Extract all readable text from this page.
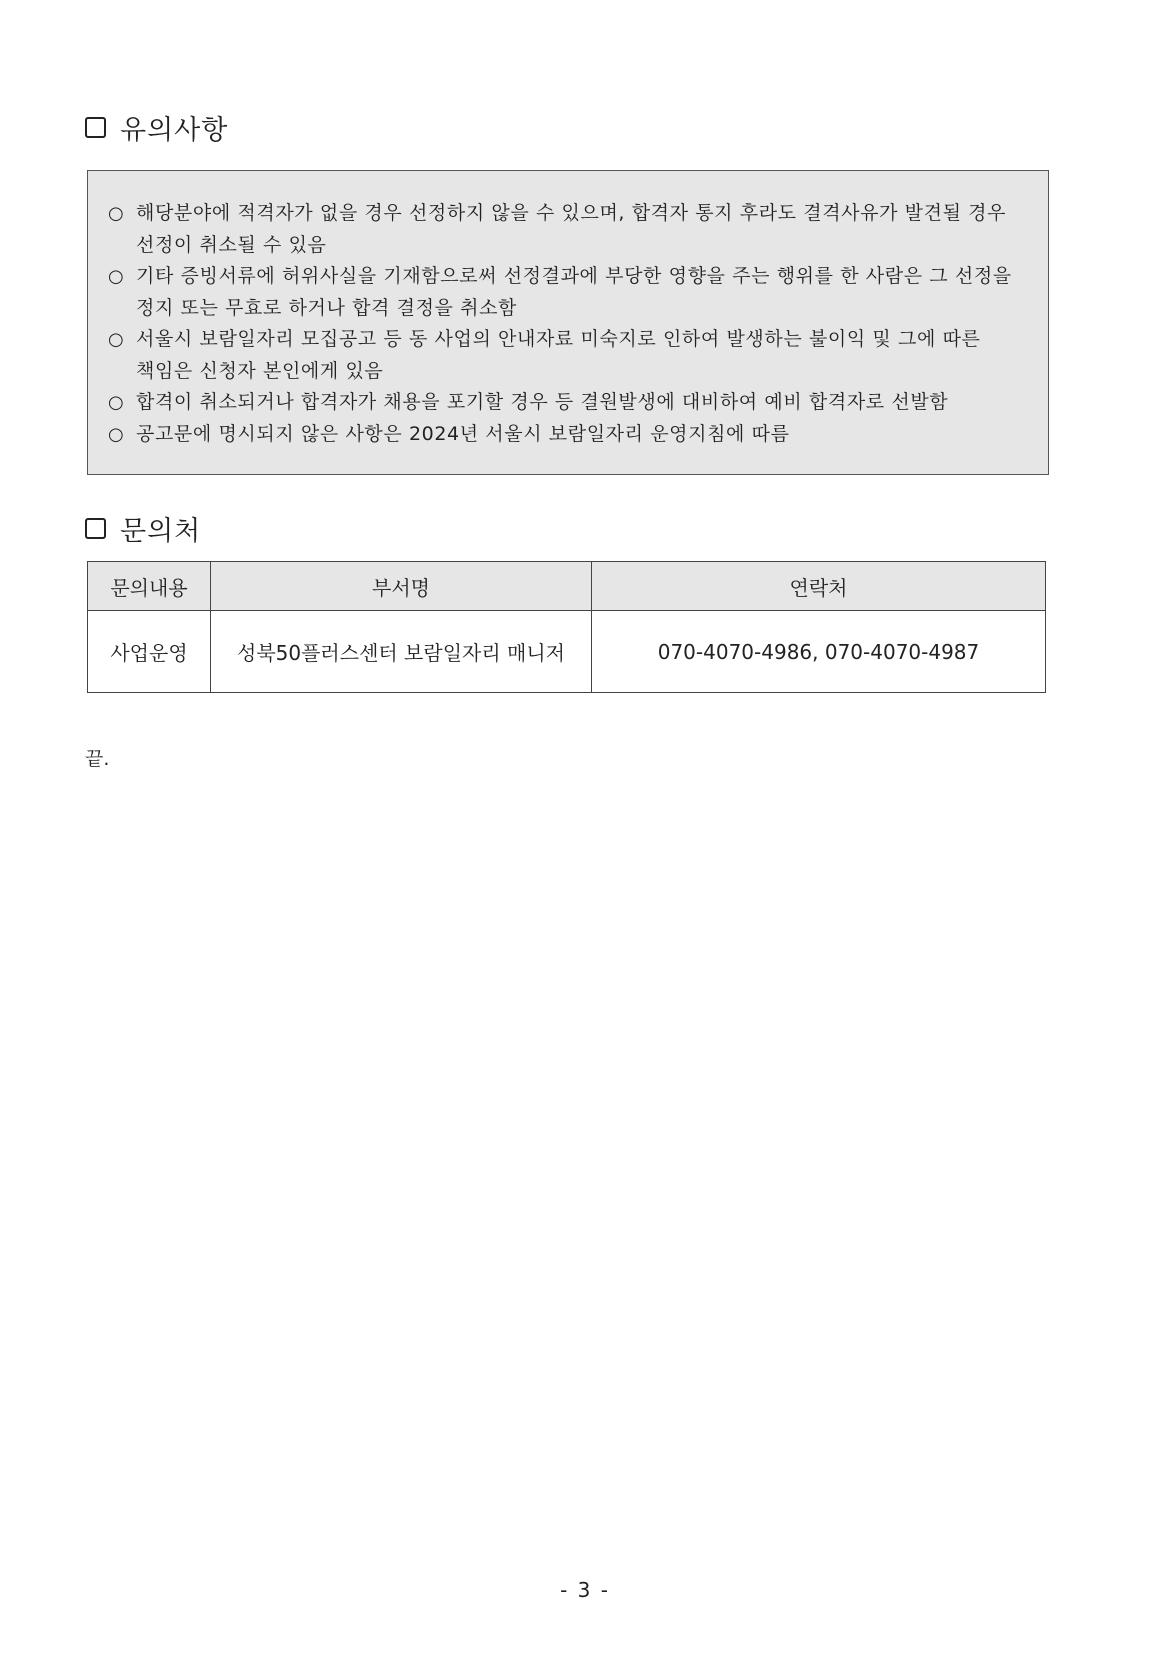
유의사항
○ 해당분야에 적격자가 없을 경우 선정하지 않을 수 있으며, 합격자 통지 후라도 결격사유가 발견될 경우 선정이 취소될 수 있음
○ 기타 증빙서류에 허위사실을 기재함으로써 선정결과에 부당한 영향을 주는 행위를 한 사람은 그 선정을 정지 또는 무효로 하거나 합격 결정을 취소함
○ 서울시 보람일자리 모집공고 등 동 사업의 안내자료 미숙지로 인하여 발생하는 불이익 및 그에 따른 책임은 신청자 본인에게 있음
○ 합격이 취소되거나 합격자가 채용을 포기할 경우 등 결원발생에 대비하여 예비 합격자로 선발함
○ 공고문에 명시되지 않은 사항은 2024년 서울시 보람일자리 운영지침에 따름
문의처
문의내용	부서명	연락처
사업운영	성북50플러스센터 보람일자리 매니저	070-4070-4986, 070-4070-4987
끝.
- 3 -
